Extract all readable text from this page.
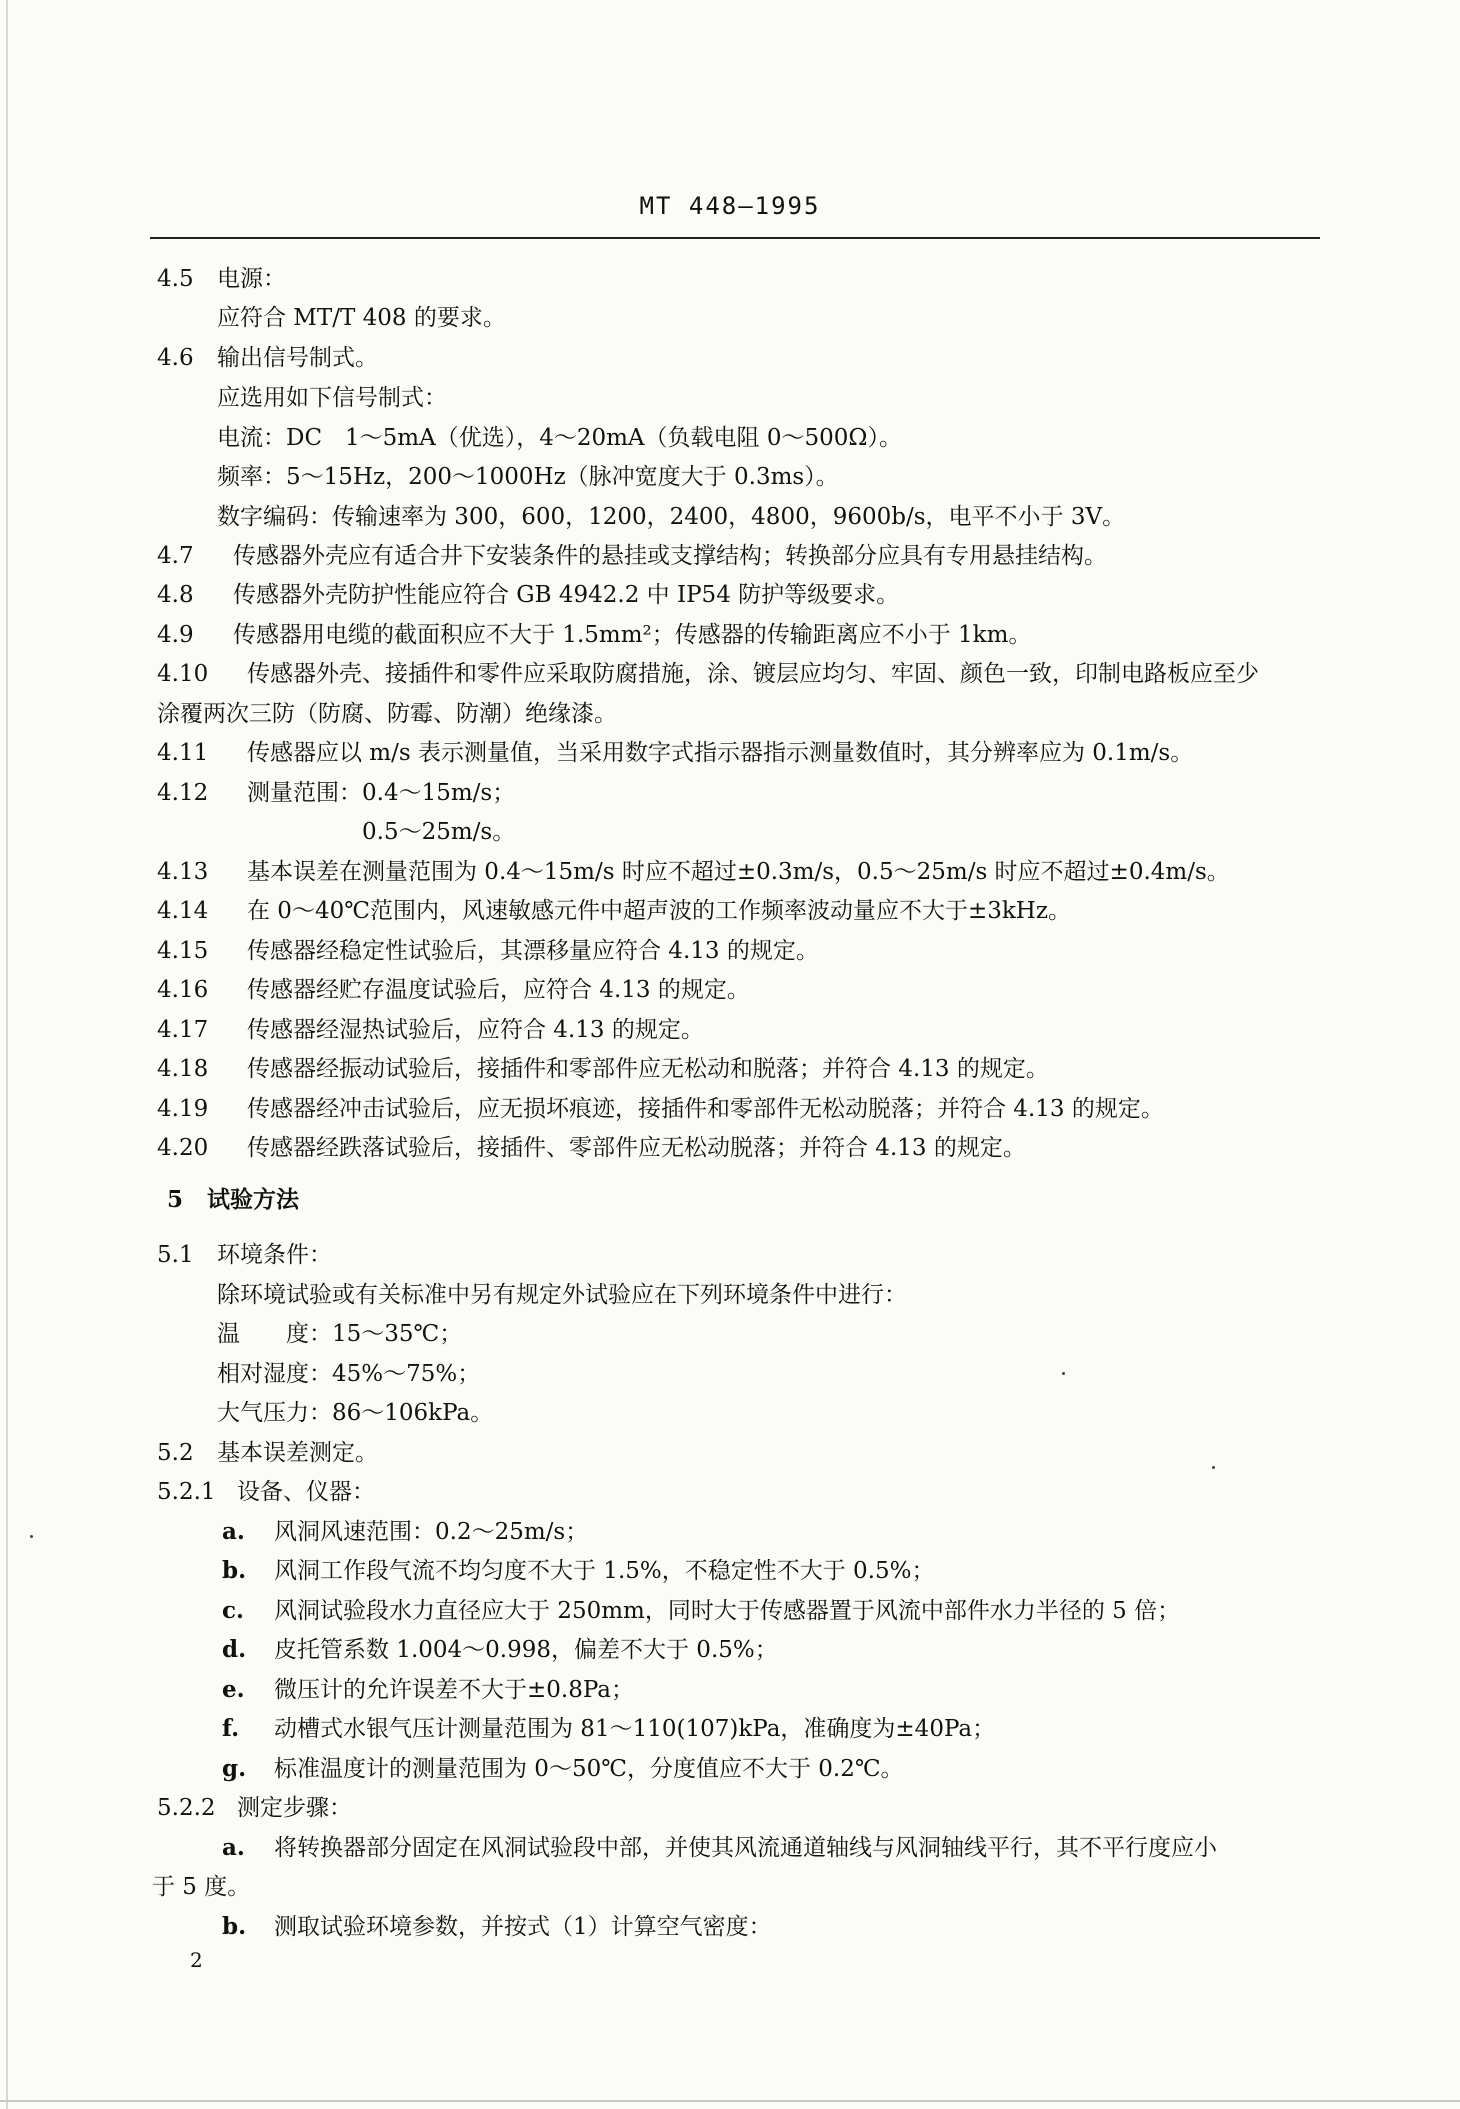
MT 448—1995
4.5 电源：
应符合 MT/T 408 的要求。
4.6 输出信号制式。
应选用如下信号制式：
电流：DC　1～5mA（优选），4～20mA（负载电阻 0～500Ω）。
频率：5～15Hz，200～1000Hz（脉冲宽度大于 0.3ms）。
数字编码：传输速率为 300，600，1200，2400，4800，9600b/s，电平不小于 3V。
4.7 传感器外壳应有适合井下安装条件的悬挂或支撑结构；转换部分应具有专用悬挂结构。
4.8 传感器外壳防护性能应符合 GB 4942.2 中 IP54 防护等级要求。
4.9 传感器用电缆的截面积应不大于 1.5mm²；传感器的传输距离应不小于 1km。
4.10 传感器外壳、接插件和零件应采取防腐措施，涂、镀层应均匀、牢固、颜色一致，印制电路板应至少
涂覆两次三防（防腐、防霉、防潮）绝缘漆。
4.11 传感器应以 m/s 表示测量值，当采用数字式指示器指示测量数值时，其分辨率应为 0.1m/s。
4.12 测量范围：0.4～15m/s；
0.5～25m/s。
4.13 基本误差在测量范围为 0.4～15m/s 时应不超过±0.3m/s，0.5～25m/s 时应不超过±0.4m/s。
4.14 在 0～40℃范围内，风速敏感元件中超声波的工作频率波动量应不大于±3kHz。
4.15 传感器经稳定性试验后，其漂移量应符合 4.13 的规定。
4.16 传感器经贮存温度试验后，应符合 4.13 的规定。
4.17 传感器经湿热试验后，应符合 4.13 的规定。
4.18 传感器经振动试验后，接插件和零部件应无松动和脱落；并符合 4.13 的规定。
4.19 传感器经冲击试验后，应无损坏痕迹，接插件和零部件无松动脱落；并符合 4.13 的规定。
4.20 传感器经跌落试验后，接插件、零部件应无松动脱落；并符合 4.13 的规定。
5 试验方法
5.1 环境条件：
除环境试验或有关标准中另有规定外试验应在下列环境条件中进行：
温　　度：15～35℃；
相对湿度：45%～75%；
大气压力：86～106kPa。
5.2 基本误差测定。
5.2.1 设备、仪器：
a. 风洞风速范围：0.2～25m/s；
b. 风洞工作段气流不均匀度不大于 1.5%，不稳定性不大于 0.5%；
c. 风洞试验段水力直径应大于 250mm，同时大于传感器置于风流中部件水力半径的 5 倍；
d. 皮托管系数 1.004～0.998，偏差不大于 0.5%；
e. 微压计的允许误差不大于±0.8Pa；
f. 动槽式水银气压计测量范围为 81～110(107)kPa，准确度为±40Pa；
g. 标准温度计的测量范围为 0～50℃，分度值应不大于 0.2℃。
5.2.2 测定步骤：
a. 将转换器部分固定在风洞试验段中部，并使其风流通道轴线与风洞轴线平行，其不平行度应小
于 5 度。
b. 测取试验环境参数，并按式（1）计算空气密度：
2
